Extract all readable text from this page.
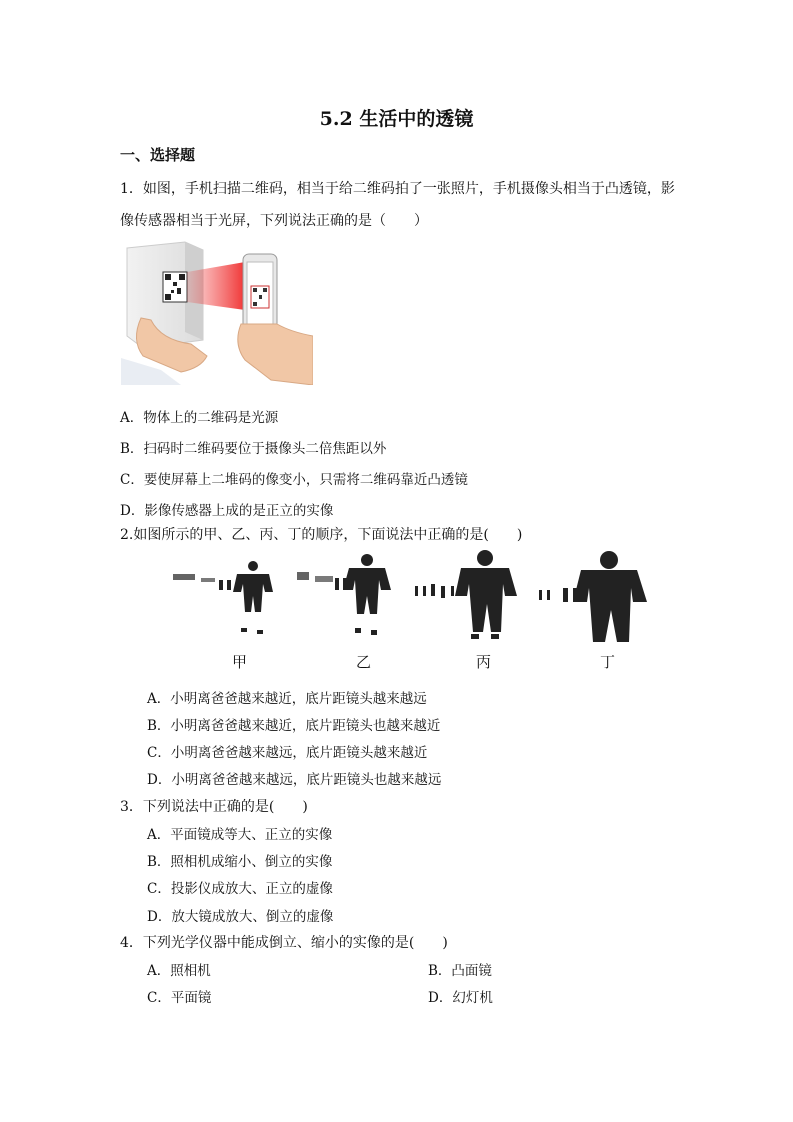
5.2 生活中的透镜
一、选择题
1．如图，手机扫描二维码，相当于给二维码拍了一张照片，手机摄像头相当于凸透镜，影
像传感器相当于光屏，下列说法正确的是（　　）
A．物体上的二维码是光源
B．扫码时二维码要位于摄像头二倍焦距以外
C．要使屏幕上二堆码的像变小，只需将二维码靠近凸透镜
D．影像传感器上成的是正立的实像
2.如图所示的甲、乙、丙、丁的顺序，下面说法中正确的是(　　)
甲	乙	丙	丁
A．小明离爸爸越来越近，底片距镜头越来越远
B．小明离爸爸越来越近，底片距镜头也越来越近
C．小明离爸爸越来越远，底片距镜头越来越近
D．小明离爸爸越来越远，底片距镜头也越来越远
3．下列说法中正确的是(　　)
A．平面镜成等大、正立的实像
B．照相机成缩小、倒立的实像
C．投影仪成放大、正立的虚像
D．放大镜成放大、倒立的虚像
4．下列光学仪器中能成倒立、缩小的实像的是(　　)
A．照相机	B．凸面镜
C．平面镜	D．幻灯机
